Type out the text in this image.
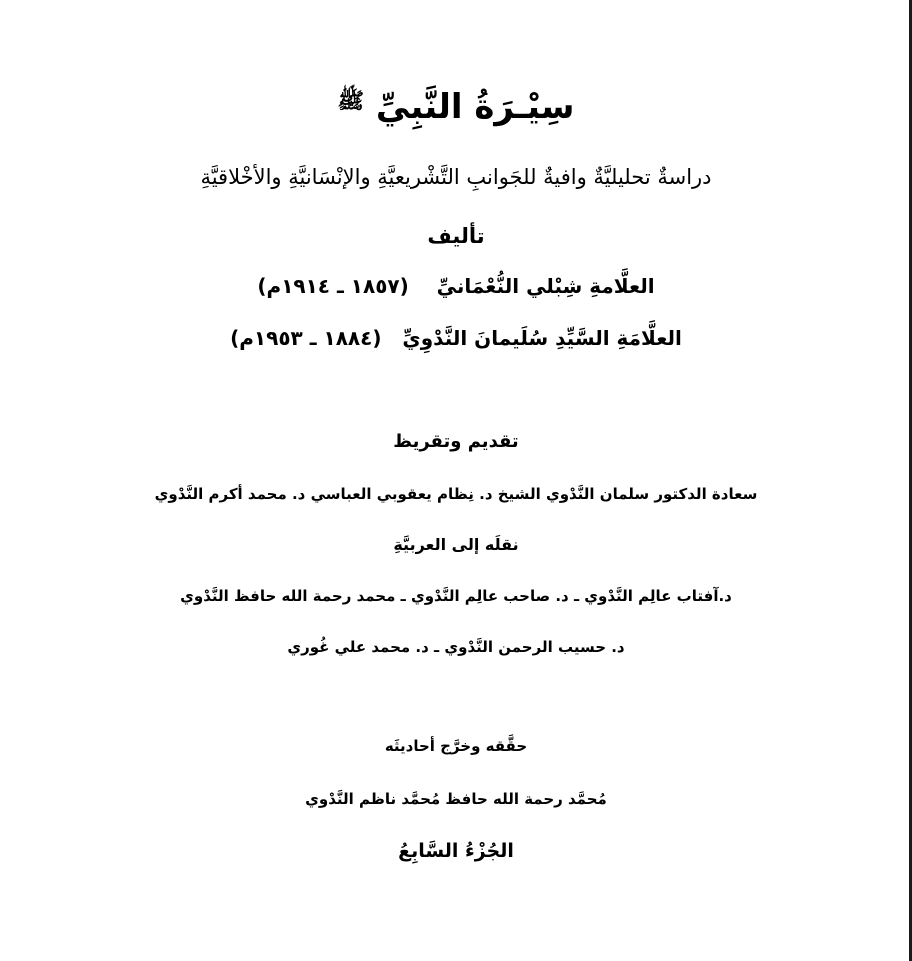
سِيْـرَةُ النَّبِيِّ $^ﷺ$
دراسةٌ تحليليَّةٌ وافيةٌ للجَوانبِ التَّشْريعيَّةِ والإنْسَانيَّةِ والأخْلاقيَّةِ
تأليف
العلَّامةِ شِبْلي النُّعْمَانيِّ    (١٨٥٧ ـ ١٩١٤م)
العلَّامَةِ السَّيِّدِ سُلَيمانَ النَّدْوِيِّ   (١٨٨٤ ـ ١٩٥٣م)
تقديم وتقريظ
سعادة الدكتور سلمان النَّدْوي الشيخ د. نِظام يعقوبي العباسي د. محمد أكرم النَّدْوي
نقلَه إلى العربيَّةِ
د.آفتاب عالِم النَّدْوي ـ د. صاحب عالِم النَّدْوي ـ محمد رحمة الله حافظ النَّدْوي
د. حسيب الرحمن النَّدْوي ـ د. محمد علي غُوري
حقَّقه وخرَّج أحاديثَه
مُحمَّد رحمة الله حافظ مُحمَّد ناظم النَّدْوي
الجُزْءُ السَّابِعُ
